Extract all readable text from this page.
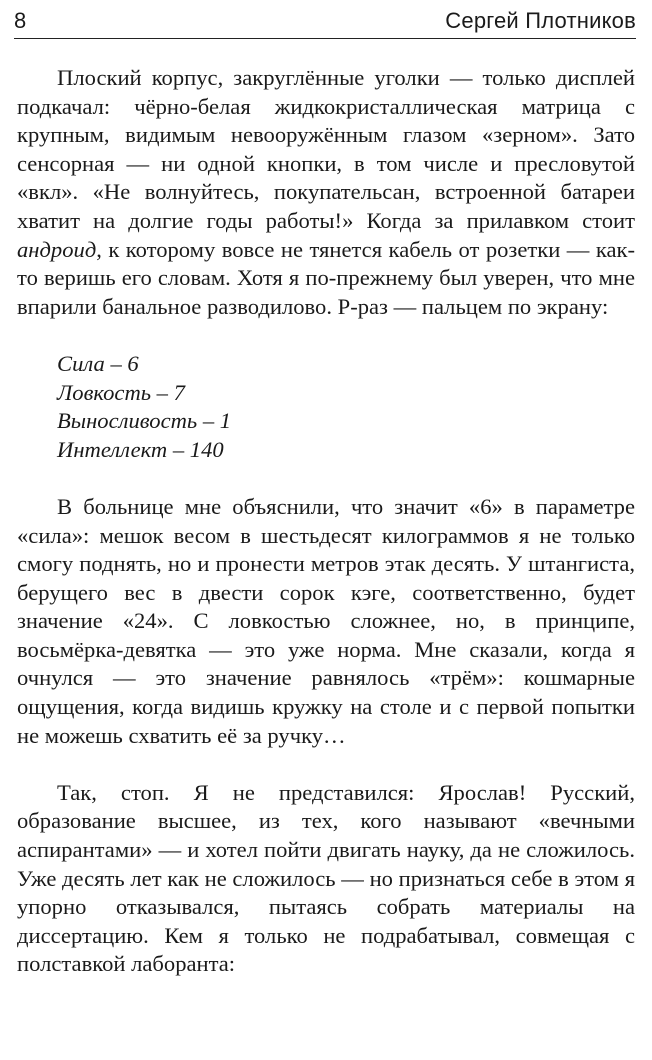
8	Сергей Плотников

Плоский корпус, закруглённые уголки — только дисплей подкачал: чёрно-белая жидкокристаллическая матрица с крупным, видимым невооружённым глазом «зерном». Зато сенсорная — ни одной кнопки, в том числе и пресловутой «вкл». «Не волнуйтесь, покупательсан, встроенной батареи хватит на долгие годы работы!» Когда за прилавком стоит андроид, к которому вовсе не тянется кабель от розетки — как-то веришь его словам. Хотя я по-прежнему был уверен, что мне впарили банальное разводилово. Р-раз — пальцем по экрану:

Сила – 6
Ловкость – 7
Выносливость – 1
Интеллект – 140

В больнице мне объяснили, что значит «6» в параметре «сила»: мешок весом в шестьдесят килограммов я не только смогу поднять, но и пронести метров этак десять. У штангиста, берущего вес в двести сорок кэге, соответственно, будет значение «24». С ловкостью сложнее, но, в принципе, восьмёрка-девятка — это уже норма. Мне сказали, когда я очнулся — это значение равнялось «трём»: кошмарные ощущения, когда видишь кружку на столе и с первой попытки не можешь схватить её за ручку…

Так, стоп. Я не представился: Ярослав! Русский, образование высшее, из тех, кого называют «вечными аспирантами» — и хотел пойти двигать науку, да не сложилось. Уже десять лет как не сложилось — но признаться себе в этом я упорно отказывался, пытаясь собрать материалы на диссертацию. Кем я только не подрабатывал, совмещая с полставкой лаборанта:
